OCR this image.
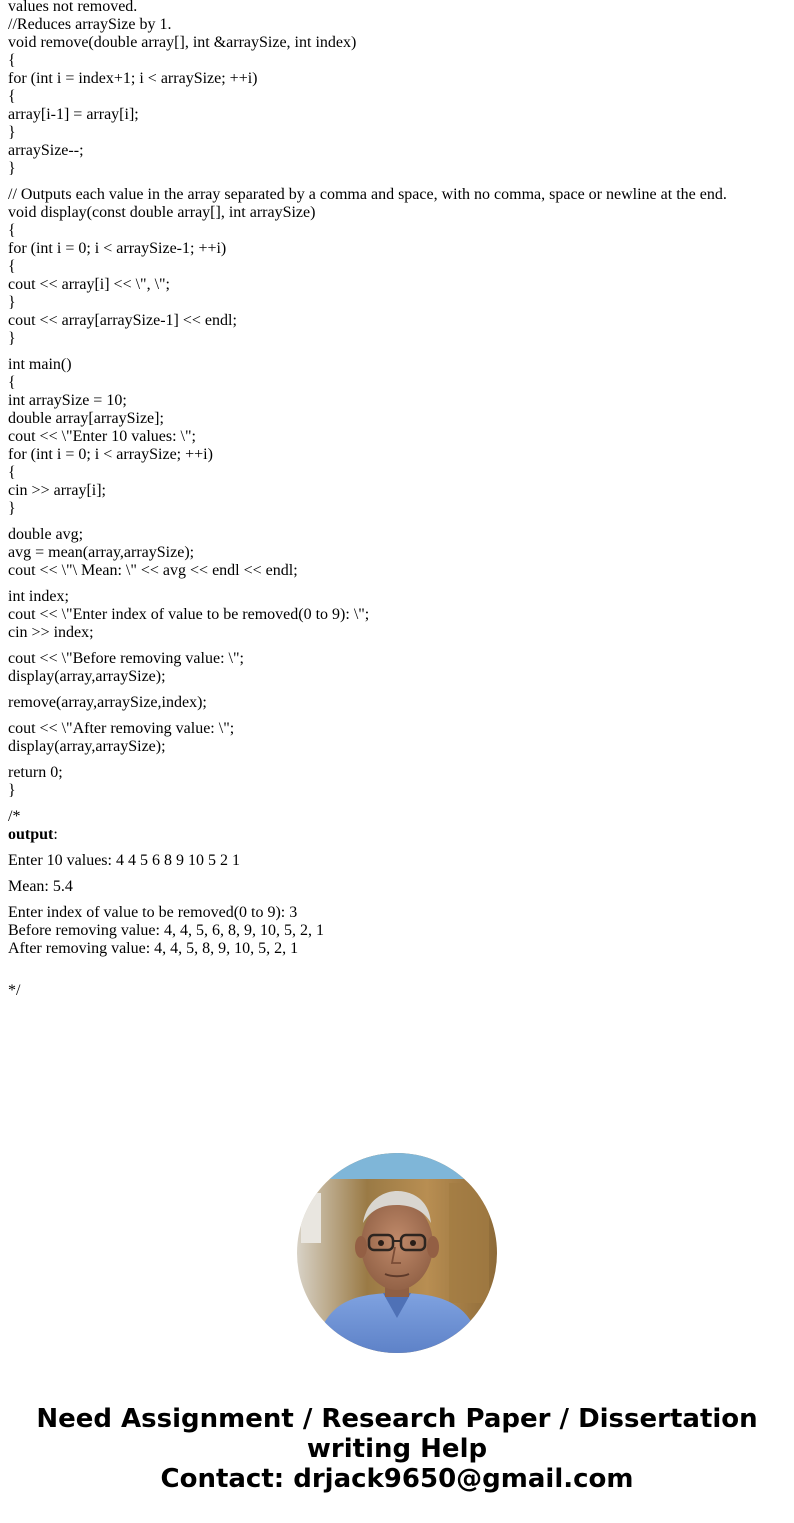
values not removed.
//Reduces arraySize by 1.
void remove(double array[], int &arraySize, int index)
{
for (int i = index+1; i < arraySize; ++i)
{
array[i-1] = array[i];
}
arraySize--;
}
// Outputs each value in the array separated by a comma and space, with no comma, space or newline at the end.
void display(const double array[], int arraySize)
{
for (int i = 0; i < arraySize-1; ++i)
{
cout << array[i] << \", \";
}
cout << array[arraySize-1] << endl;
}
int main()
{
int arraySize = 10;
double array[arraySize];
cout << \"Enter 10 values: \";
for (int i = 0; i < arraySize; ++i)
{
cin >> array[i];
}
double avg;
avg = mean(array,arraySize);
cout << \"\ Mean: \" << avg << endl << endl;
int index;
cout << \"Enter index of value to be removed(0 to 9): \";
cin >> index;
cout << \"Before removing value: \";
display(array,arraySize);
remove(array,arraySize,index);
cout << \"After removing value: \";
display(array,arraySize);
return 0;
}
/*
output:
Enter 10 values: 4 4 5 6 8 9 10 5 2 1
Mean: 5.4
Enter index of value to be removed(0 to 9): 3
Before removing value: 4, 4, 5, 6, 8, 9, 10, 5, 2, 1
After removing value: 4, 4, 5, 8, 9, 10, 5, 2, 1
*/
Need Assignment / Research Paper / Dissertation
writing Help
Contact: drjack9650@gmail.com
